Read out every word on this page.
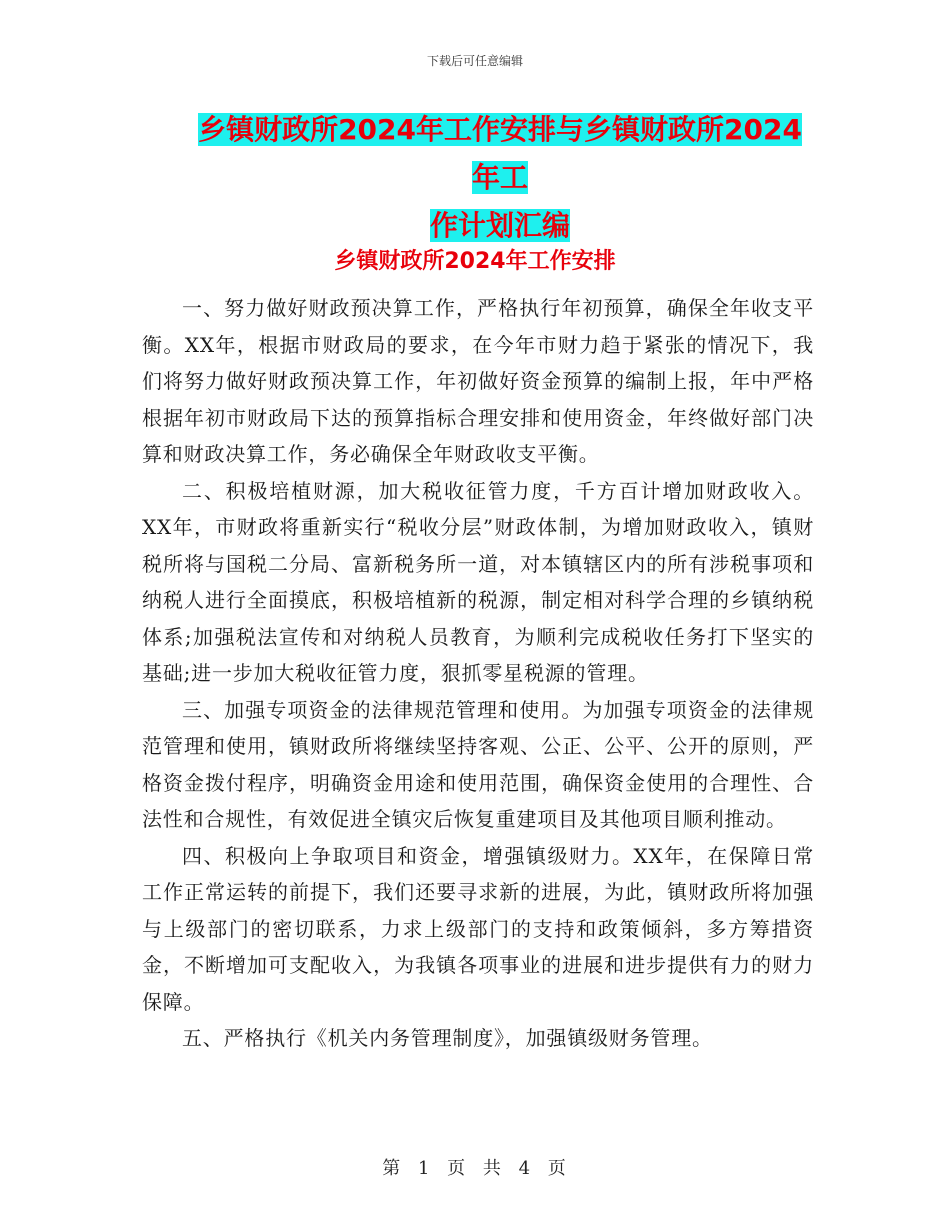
下载后可任意编辑
乡镇财政所2024年工作安排与乡镇财政所2024年工
作计划汇编
乡镇财政所2024年工作安排

一、努力做好财政预决算工作，严格执行年初预算，确保全年收支平衡。XX年，根据市财政局的要求，在今年市财力趋于紧张的情况下，我们将努力做好财政预决算工作，年初做好资金预算的编制上报，年中严格根据年初市财政局下达的预算指标合理安排和使用资金，年终做好部门决算和财政决算工作，务必确保全年财政收支平衡。

二、积极培植财源，加大税收征管力度，千方百计增加财政收入。XX年，市财政将重新实行“税收分层”财政体制，为增加财政收入，镇财税所将与国税二分局、富新税务所一道，对本镇辖区内的所有涉税事项和纳税人进行全面摸底，积极培植新的税源，制定相对科学合理的乡镇纳税体系;加强税法宣传和对纳税人员教育，为顺利完成税收任务打下坚实的基础;进一步加大税收征管力度，狠抓零星税源的管理。

三、加强专项资金的法律规范管理和使用。为加强专项资金的法律规范管理和使用，镇财政所将继续坚持客观、公正、公平、公开的原则，严格资金拨付程序，明确资金用途和使用范围，确保资金使用的合理性、合法性和合规性，有效促进全镇灾后恢复重建项目及其他项目顺利推动。

四、积极向上争取项目和资金，增强镇级财力。XX年，在保障日常工作正常运转的前提下，我们还要寻求新的进展，为此，镇财政所将加强与上级部门的密切联系，力求上级部门的支持和政策倾斜，多方筹措资金，不断增加可支配收入，为我镇各项事业的进展和进步提供有力的财力保障。

五、严格执行《机关内务管理制度》，加强镇级财务管理。

第 1 页 共 4 页
